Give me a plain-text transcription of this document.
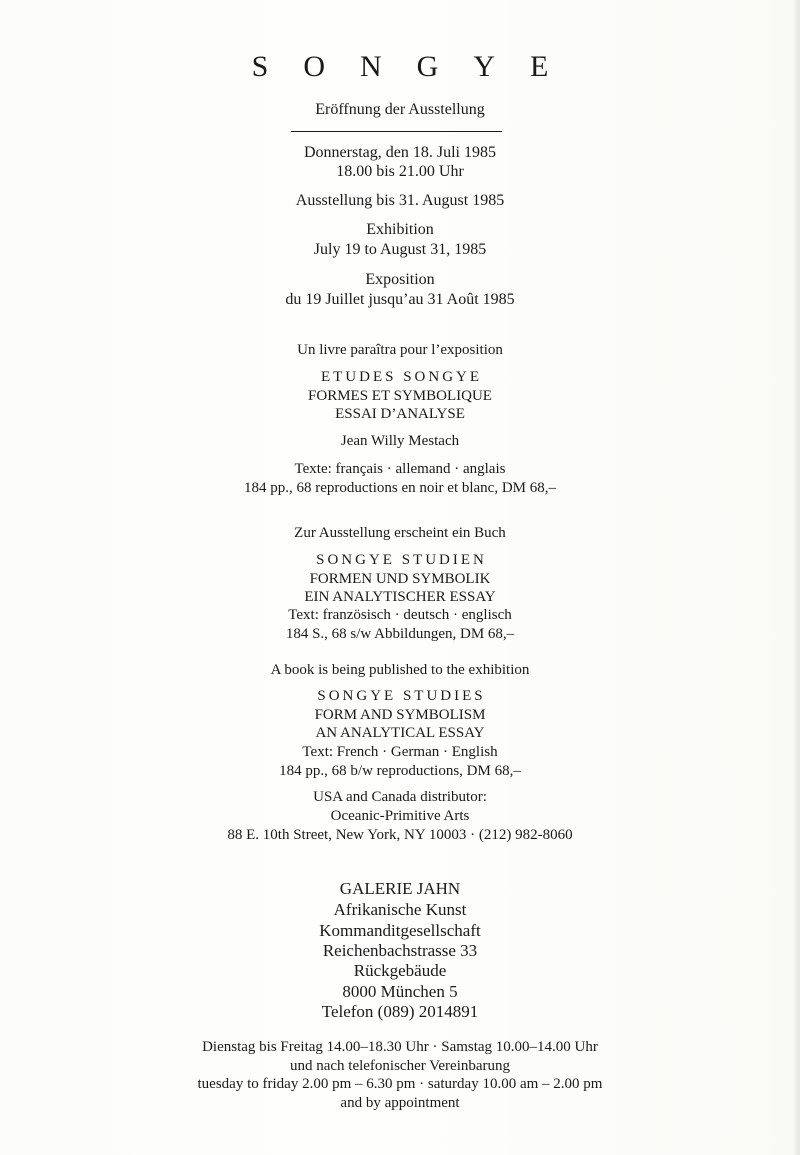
SONGYE
Eröffnung der Ausstellung
Donnerstag, den 18. Juli 1985
18.00 bis 21.00 Uhr
Ausstellung bis 31. August 1985
Exhibition
July 19 to August 31, 1985
Exposition
du 19 Juillet jusqu’au 31 Août 1985
Un livre paraîtra pour l’exposition
ETUDES SONGYE
FORMES ET SYMBOLIQUE
ESSAI D’ANALYSE
Jean Willy Mestach
Texte: français · allemand · anglais
184 pp., 68 reproductions en noir et blanc, DM 68,–
Zur Ausstellung erscheint ein Buch
SONGYE STUDIEN
FORMEN UND SYMBOLIK
EIN ANALYTISCHER ESSAY
Text: französisch · deutsch · englisch
184 S., 68 s/w Abbildungen, DM 68,–
A book is being published to the exhibition
SONGYE STUDIES
FORM AND SYMBOLISM
AN ANALYTICAL ESSAY
Text: French · German · English
184 pp., 68 b/w reproductions, DM 68,–
USA and Canada distributor:
Oceanic-Primitive Arts
88 E. 10th Street, New York, NY 10003 · (212) 982-8060
GALERIE JAHN
Afrikanische Kunst
Kommanditgesellschaft
Reichenbachstrasse 33
Rückgebäude
8000 München 5
Telefon (089) 2014891
Dienstag bis Freitag 14.00–18.30 Uhr · Samstag 10.00–14.00 Uhr
und nach telefonischer Vereinbarung
tuesday to friday 2.00 pm – 6.30 pm · saturday 10.00 am – 2.00 pm
and by appointment
